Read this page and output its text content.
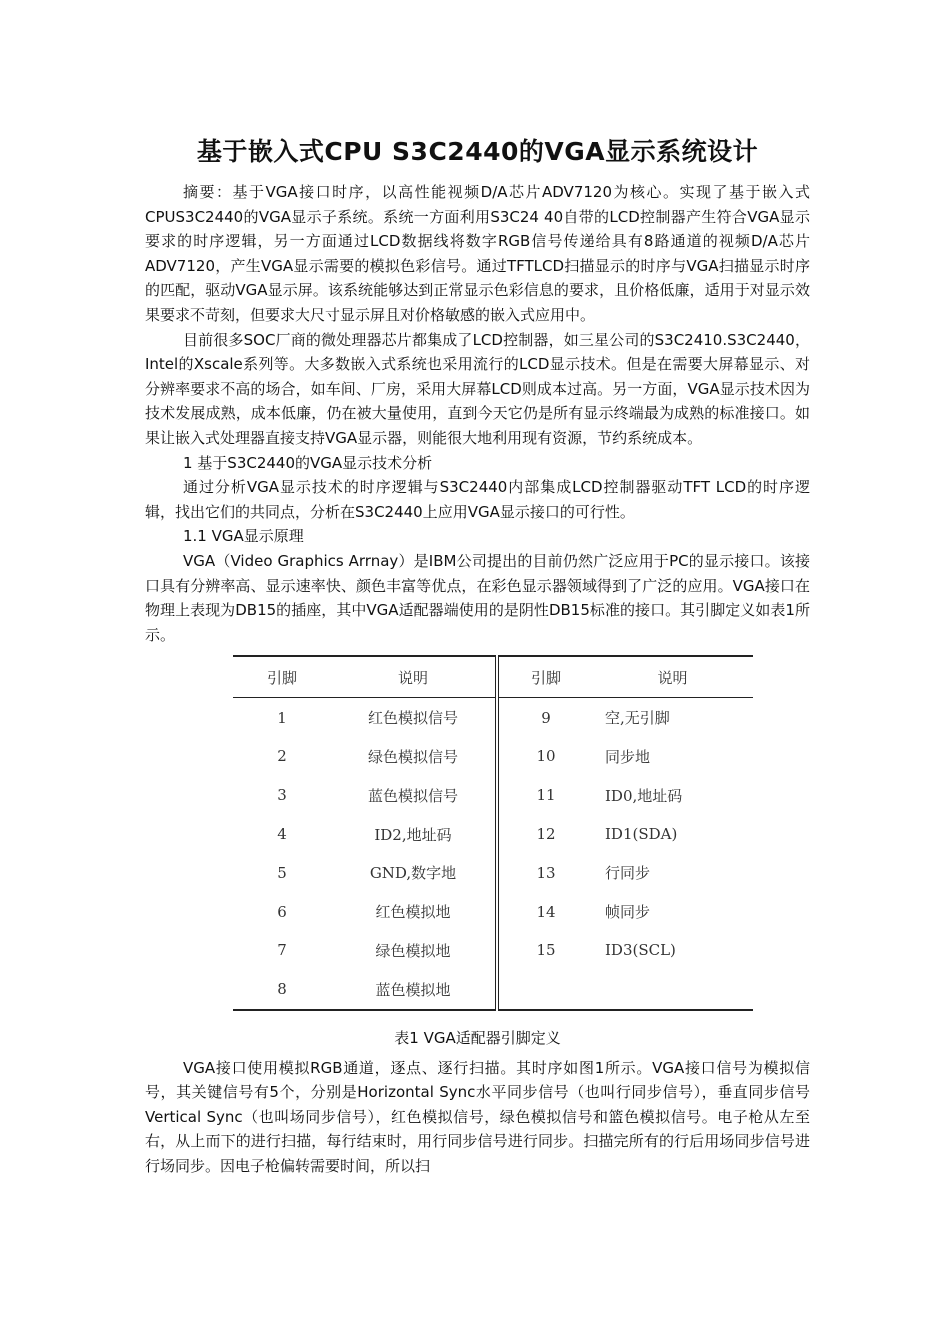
基于嵌入式CPU S3C2440的VGA显示系统设计

摘要：基于VGA接口时序，以高性能视频D/A芯片ADV7120为核心。实现了基于嵌入式CPUS3C2440的VGA显示子系统。系统一方面利用S3C24 40自带的LCD控制器产生符合VGA显示要求的时序逻辑，另一方面通过LCD数据线将数字RGB信号传递给具有8路通道的视频D/A芯片ADV7120，产生VGA显示需要的模拟色彩信号。通过TFTLCD扫描显示的时序与VGA扫描显示时序的匹配，驱动VGA显示屏。该系统能够达到正常显示色彩信息的要求，且价格低廉，适用于对显示效果要求不苛刻，但要求大尺寸显示屏且对价格敏感的嵌入式应用中。

目前很多SOC厂商的微处理器芯片都集成了LCD控制器，如三星公司的S3C2410.S3C2440，Intel的Xscale系列等。大多数嵌入式系统也采用流行的LCD显示技术。但是在需要大屏幕显示、对分辨率要求不高的场合，如车间、厂房，采用大屏幕LCD则成本过高。另一方面，VGA显示技术因为技术发展成熟，成本低廉，仍在被大量使用，直到今天它仍是所有显示终端最为成熟的标准接口。如果让嵌入式处理器直接支持VGA显示器，则能很大地利用现有资源，节约系统成本。

1 基于S3C2440的VGA显示技术分析

通过分析VGA显示技术的时序逻辑与S3C2440内部集成LCD控制器驱动TFT LCD的时序逻辑，找出它们的共同点，分析在S3C2440上应用VGA显示接口的可行性。

1.1 VGA显示原理

VGA（Video Graphics Arrnay）是IBM公司提出的目前仍然广泛应用于PC的显示接口。该接口具有分辨率高、显示速率快、颜色丰富等优点，在彩色显示器领域得到了广泛的应用。VGA接口在物理上表现为DB15的插座，其中VGA适配器端使用的是阴性DB15标准的接口。其引脚定义如表1所示。

引脚	说明	引脚	说明
1	红色模拟信号	9	空,无引脚
2	绿色模拟信号	10	同步地
3	蓝色模拟信号	11	ID0,地址码
4	ID2,地址码	12	ID1(SDA)
5	GND,数字地	13	行同步
6	红色模拟地	14	帧同步
7	绿色模拟地	15	ID3(SCL)
8	蓝色模拟地		
表1 VGA适配器引脚定义

VGA接口使用模拟RGB通道，逐点、逐行扫描。其时序如图1所示。VGA接口信号为模拟信号，其关键信号有5个，分别是Horizontal Sync水平同步信号（也叫行同步信号），垂直同步信号Vertical Sync（也叫场同步信号），红色模拟信号，绿色模拟信号和篮色模拟信号。电子枪从左至右，从上而下的进行扫描，每行结束时，用行同步信号进行同步。扫描完所有的行后用场同步信号进行场同步。因电子枪偏转需要时间，所以扫
